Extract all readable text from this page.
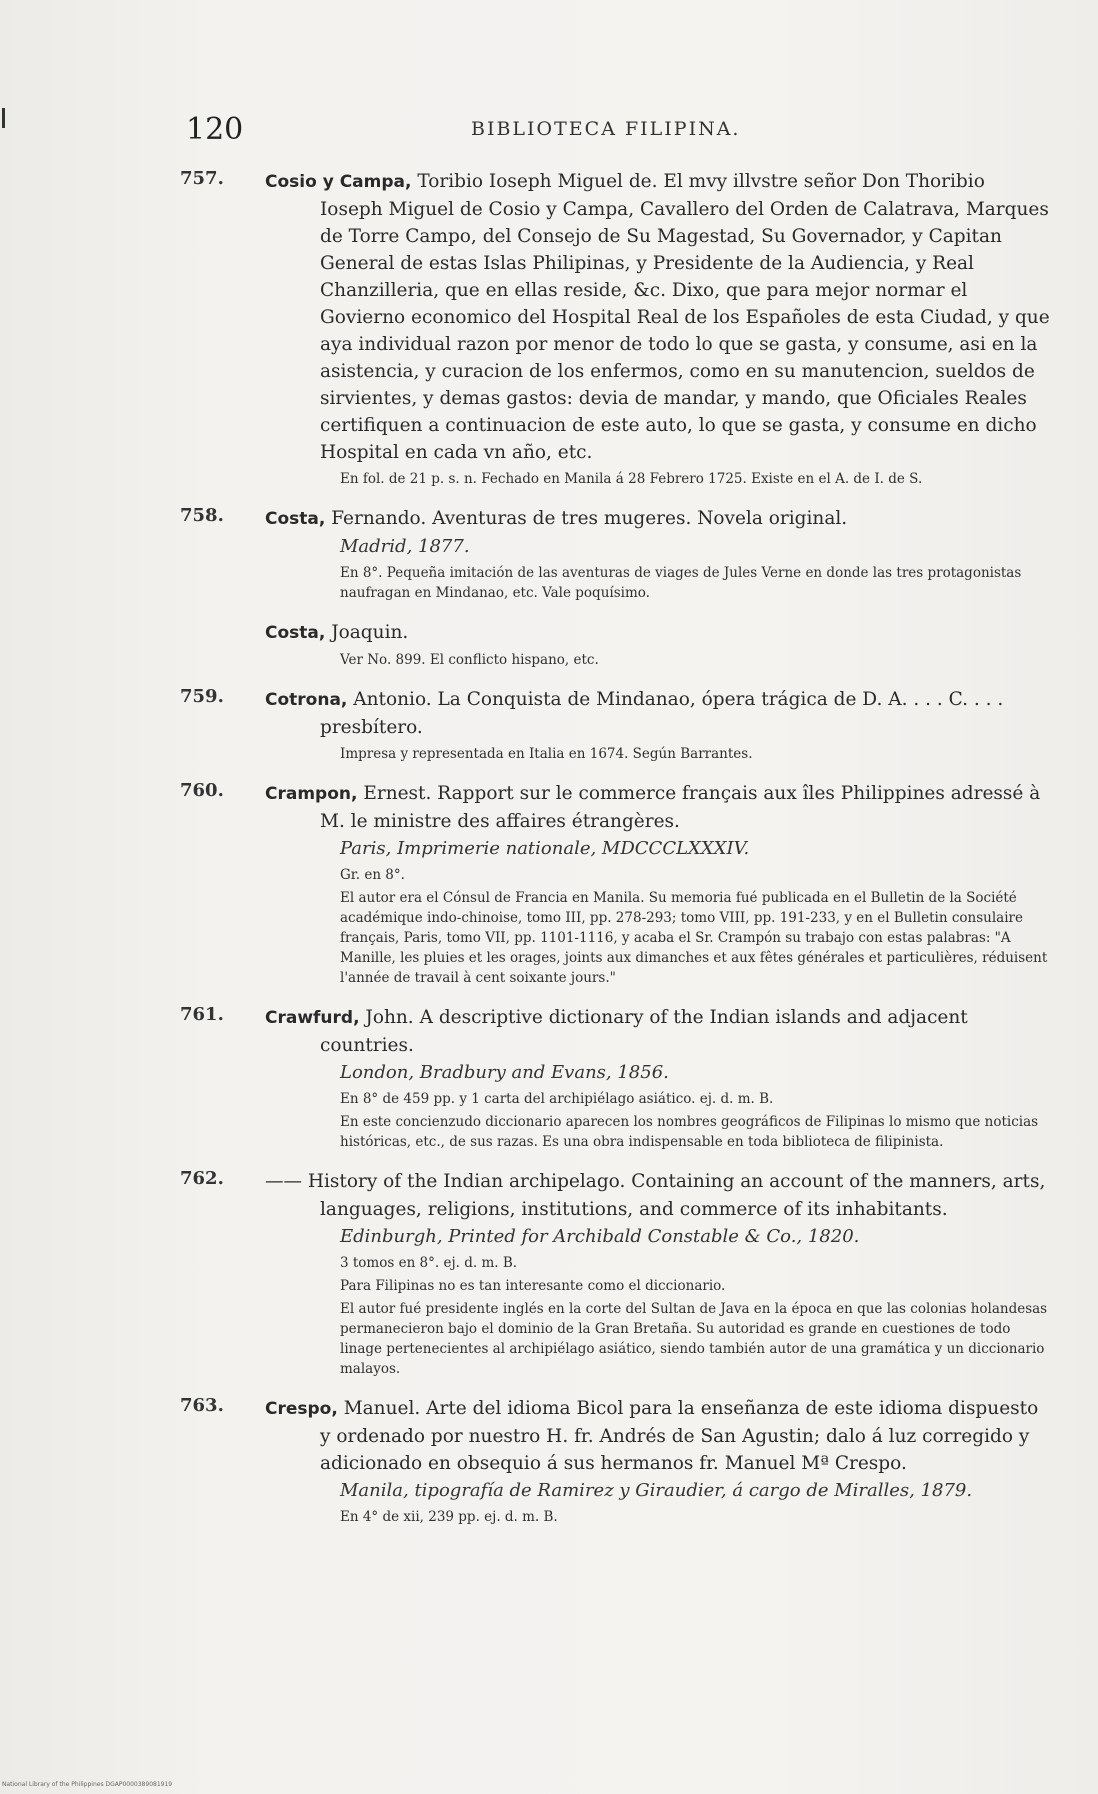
120	BIBLIOTECA FILIPINA.
757. Cosio y Campa, Toribio Ioseph Miguel de. El mvy illvstre señor Don Thoribio Ioseph Miguel de Cosio y Campa, Cavallero del Orden de Calatrava, Marques de Torre Campo, del Consejo de Su Magestad, Su Governador, y Capitan General de estas Islas Philipinas, y Presidente de la Audiencia, y Real Chanzilleria, que en ellas reside, &c. Dixo, que para mejor normar el Govierno economico del Hospital Real de los Españoles de esta Ciudad, y que aya individual razon por menor de todo lo que se gasta, y consume, asi en la asistencia, y curacion de los enfermos, como en su manutencion, sueldos de sirvientes, y demas gastos: devia de mandar, y mando, que Oficiales Reales certifiquen a continuacion de este auto, lo que se gasta, y consume en dicho Hospital en cada vn año, etc.
En fol. de 21 p. s. n. Fechado en Manila á 28 Febrero 1725. Existe en el A. de I. de S.
758. Costa, Fernando. Aventuras de tres mugeres. Novela original.
Madrid, 1877.
En 8°. Pequeña imitación de las aventuras de viages de Jules Verne en donde las tres protagonistas naufragan en Mindanao, etc. Vale poquísimo.
Costa, Joaquin.
Ver No. 899. El conflicto hispano, etc.
759. Cotrona, Antonio. La Conquista de Mindanao, ópera trágica de D. A. . . . C. . . . presbítero.
Impresa y representada en Italia en 1674. Según Barrantes.
760. Crampon, Ernest. Rapport sur le commerce français aux îles Philippines adressé à M. le ministre des affaires étrangères.
Paris, Imprimerie nationale, MDCCCLXXXIV.
Gr. en 8°.
El autor era el Cónsul de Francia en Manila. Su memoria fué publicada en el Bulletin de la Société académique indo-chinoise, tomo III, pp. 278-293; tomo VIII, pp. 191-233, y en el Bulletin consulaire français, Paris, tomo VII, pp. 1101-1116, y acaba el Sr. Crampón su trabajo con estas palabras: "A Manille, les pluies et les orages, joints aux dimanches et aux fêtes générales et particulières, réduisent l'année de travail à cent soixante jours."
761. Crawfurd, John. A descriptive dictionary of the Indian islands and adjacent countries.
London, Bradbury and Evans, 1856.
En 8° de 459 pp. y 1 carta del archipiélago asiático. ej. d. m. B.
En este concienzudo diccionario aparecen los nombres geográficos de Filipinas lo mismo que noticias históricas, etc., de sus razas. Es una obra indispensable en toda biblioteca de filipinista.
762. —— History of the Indian archipelago. Containing an account of the manners, arts, languages, religions, institutions, and commerce of its inhabitants.
Edinburgh, Printed for Archibald Constable & Co., 1820.
3 tomos en 8°. ej. d. m. B.
Para Filipinas no es tan interesante como el diccionario.
El autor fué presidente inglés en la corte del Sultan de Java en la época en que las colonias holandesas permanecieron bajo el dominio de la Gran Bretaña. Su autoridad es grande en cuestiones de todo linage pertenecientes al archipiélago asiático, siendo también autor de una gramática y un diccionario malayos.
763. Crespo, Manuel. Arte del idioma Bicol para la enseñanza de este idioma dispuesto y ordenado por nuestro H. fr. Andrés de San Agustin; dalo á luz corregido y adicionado en obsequio á sus hermanos fr. Manuel Mª Crespo.
Manila, tipografía de Ramirez y Giraudier, á cargo de Miralles, 1879.
En 4° de xii, 239 pp. ej. d. m. B.
National Library of the Philippines DGAP0000389081919
